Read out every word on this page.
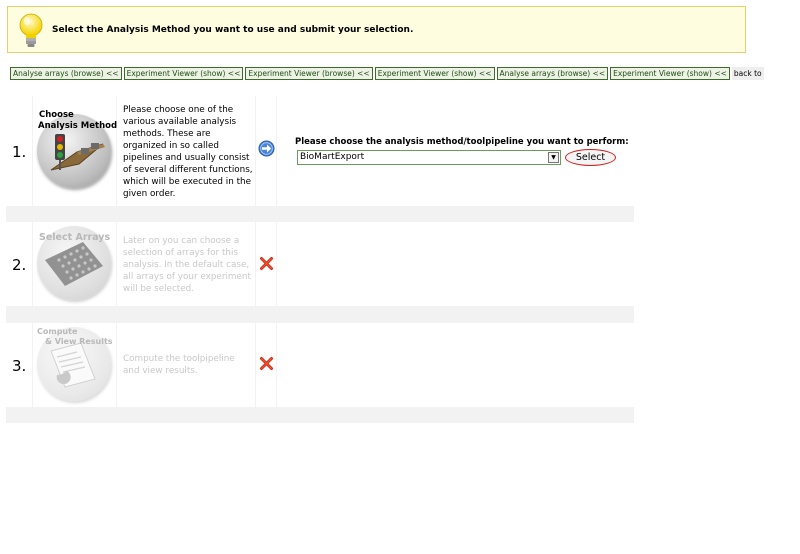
Select the Analysis Method you want to use and submit your selection.
Analyse arrays (browse) <<	Experiment Viewer (show) <<	Experiment Viewer (browse) <<	Experiment Viewer (show) <<	Analyse arrays (browse) <<	Experiment Viewer (show) << back to
1.
Choose
Analysis Method
Please choose one of the various available analysis methods. These are organized in so called pipelines and usually consist of several different functions, which will be executed in the given order.
Please choose the analysis method/toolpipeline you want to perform:
BioMartExport	▼	Select
2.
Select Arrays Later on you can choose a selection of arrays for this analysis. In the default case, all arrays of your experiment will be selected.
3.
Compute
& View Results
Compute the toolpipeline and view results.
